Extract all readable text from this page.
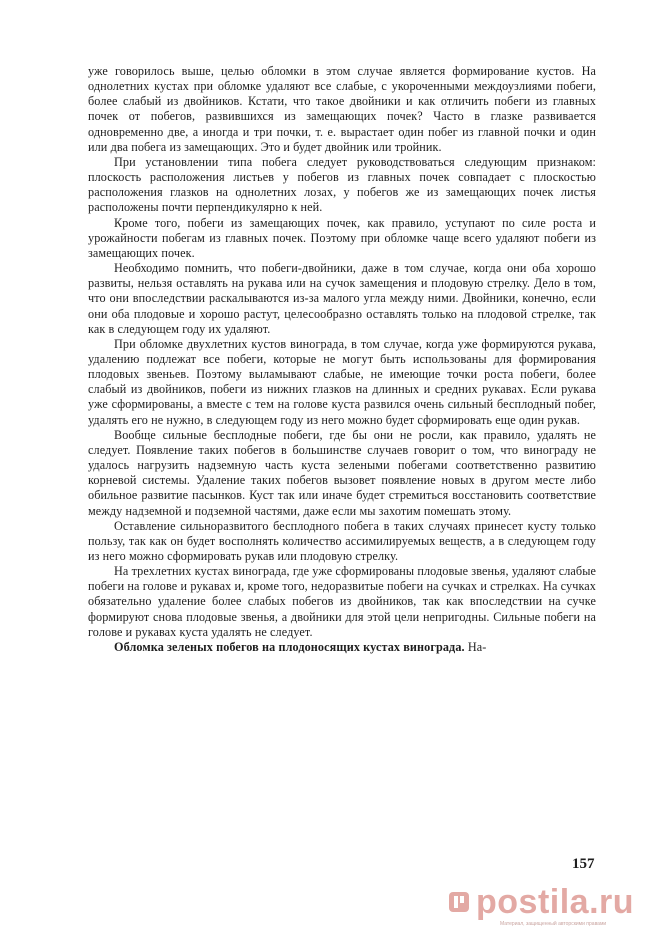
уже говорилось выше, целью обломки в этом случае является формирование кустов. На однолетних кустах при обломке удаляют все слабые, с укороченными междоузлиями побеги, более слабый из двойников. Кстати, что такое двойники и как отличить побеги из главных почек от побегов, развившихся из замещающих почек? Часто в глазке развивается одновременно две, а иногда и три почки, т. е. вырастает один побег из главной почки и один или два побега из замещающих. Это и будет двойник или тройник.

При установлении типа побега следует руководствоваться следующим признаком: плоскость расположения листьев у побегов из главных почек совпадает с плоскостью расположения глазков на однолетних лозах, у побегов же из замещающих почек листья расположены почти перпендикулярно к ней.

Кроме того, побеги из замещающих почек, как правило, уступают по силе роста и урожайности побегам из главных почек. Поэтому при обломке чаще всего удаляют побеги из замещающих почек.

Необходимо помнить, что побеги-двойники, даже в том случае, когда они оба хорошо развиты, нельзя оставлять на рукава или на сучок замещения и плодовую стрелку. Дело в том, что они впоследствии раскалываются из-за малого угла между ними. Двойники, конечно, если они оба плодовые и хорошо растут, целесообразно оставлять только на плодовой стрелке, так как в следующем году их удаляют.

При обломке двухлетних кустов винограда, в том случае, когда уже формируются рукава, удалению подлежат все побеги, которые не могут быть использованы для формирования плодовых звеньев. Поэтому выламывают слабые, не имеющие точки роста побеги, более слабый из двойников, побеги из нижних глазков на длинных и средних рукавах. Если рукава уже сформированы, а вместе с тем на голове куста развился очень сильный бесплодный побег, удалять его не нужно, в следующем году из него можно будет сформировать еще один рукав.

Вообще сильные бесплодные побеги, где бы они не росли, как правило, удалять не следует. Появление таких побегов в большинстве случаев говорит о том, что винограду не удалось нагрузить надземную часть куста зелеными побегами соответственно развитию корневой системы. Удаление таких побегов вызовет появление новых в другом месте либо обильное развитие пасынков. Куст так или иначе будет стремиться восстановить соответствие между надземной и подземной частями, даже если мы захотим помешать этому.

Оставление сильноразвитого бесплодного побега в таких случаях принесет кусту только пользу, так как он будет восполнять количество ассимилируемых веществ, а в следующем году из него можно сформировать рукав или плодовую стрелку.

На трехлетних кустах винограда, где уже сформированы плодовые звенья, удаляют слабые побеги на голове и рукавах и, кроме того, недоразвитые побеги на сучках и стрелках. На сучках обязательно удаление более слабых побегов из двойников, так как впоследствии на сучке формируют снова плодовые звенья, а двойники для этой цели непригодны. Сильные побеги на голове и рукавах куста удалять не следует.

Обломка зеленых побегов на плодоносящих кустах винограда. На-

157
postila.ru
Материал, защищенный авторскими правами
